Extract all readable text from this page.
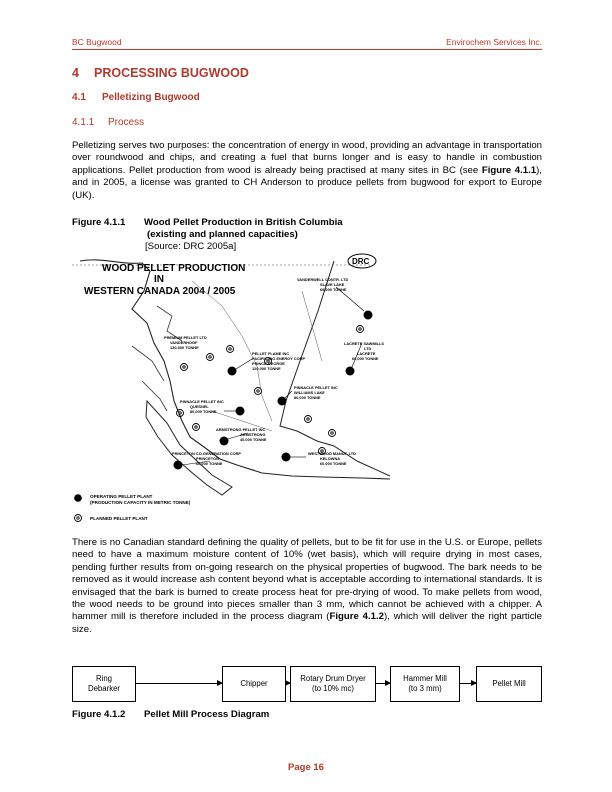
BC Bugwood	Envirochem Services Inc.
4 PROCESSING BUGWOOD
4.1 Pelletizing Bugwood
4.1.1 Process

Pelletizing serves two purposes: the concentration of energy in wood, providing an advantage in transportation over roundwood and chips, and creating a fuel that burns longer and is easy to handle in combustion applications. Pellet production from wood is already being practised at many sites in BC (see Figure 4.1.1), and in 2005, a license was granted to CH Anderson to produce pellets from bugwood for export to Europe (UK).

Figure 4.1.1 Wood Pellet Production in British Columbia
(existing and planned capacities)
[Source: DRC 2005a]
WOOD PELLET PRODUCTION
IN
WESTERN CANADA 2004 / 2005
DRC
VANDERWELL CONTR. LTD
SLAVE LAKE
60,000 TONNE
PREMIUM PELLET LTD
VANDERHOOF
130,000 TONNE
PELLET FLAME INC
PACIFIC BIO ENERGY CORP
PRINCE GEORGE
120,000 TONNE
LACRETE SAWMILLS
LTD
LACRETE
60,000 TONNE
PINNACLE PELLET INC
QUESNEL
80,000 TONNE
PINNACLE PELLET INC
WILLIAMS LAKE
80,000 TONNE
ARMSTRONG PELLET INC
ARMSTRONG
40,000 TONNE
PRINCETON CO-GENERATION CORP
PRINCETON
60,000 TONNE
WESTWOOD MANUF. LTD
KELOWNA
60,000 TONNE
OPERATING PELLET PLANT
(PRODUCTION CAPACITY IN METRIC TONNE)
PLANNED PELLET PLANT

There is no Canadian standard defining the quality of pellets, but to be fit for use in the U.S. or Europe, pellets need to have a maximum moisture content of 10% (wet basis), which will require drying in most cases, pending further results from on-going research on the physical properties of bugwood. The bark needs to be removed as it would increase ash content beyond what is acceptable according to international standards. It is envisaged that the bark is burned to create process heat for pre-drying of wood. To make pellets from wood, the wood needs to be ground into pieces smaller than 3 mm, which cannot be achieved with a chipper. A hammer mill is therefore included in the process diagram (Figure 4.1.2), which will deliver the right particle size.

Ring
Debarker
Chipper
Rotary Drum Dryer
(to 10% mc)
Hammer Mill
(to 3 mm)
Pellet Mill
Figure 4.1.2 Pellet Mill Process Diagram
Page 16
